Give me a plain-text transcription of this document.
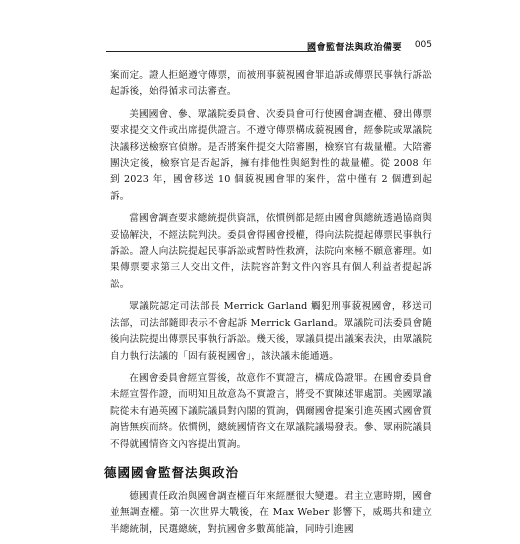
國會監督法與政治備要 005

案而定。證人拒絕遵守傳票，而被刑事藐視國會罪追訴或傳票民事執行訴訟起訴後，始得循求司法審查。

美國國會、參、眾議院委員會、次委員會可行使國會調查權、發出傳票要求提交文件或出席提供證言。不遵守傳票構成藐視國會，經參院或眾議院決議移送檢察官偵辦。是否將案件提交大陪審團，檢察官有裁量權。大陪審團決定後，檢察官是否起訴，擁有排他性與絕對性的裁量權。從 2008 年到 2023 年，國會移送 10 個藐視國會罪的案件，當中僅有 2 個遭到起訴。

當國會調查要求總統提供資訊，依慣例都是經由國會與總統透過協商與妥協解決，不經法院判決。委員會得國會授權，得向法院提起傳票民事執行訴訟。證人向法院提起民事訴訟或暫時性救濟，法院向來極不願意審理。如果傳票要求第三人交出文件，法院容許對文件內容具有個人利益者提起訴訟。

眾議院認定司法部長 Merrick Garland 觸犯刑事藐視國會，移送司法部，司法部隨即表示不會起訴 Merrick Garland。眾議院司法委員會隨後向法院提出傳票民事執行訴訟。幾天後，眾議員提出議案表決，由眾議院自力執行法議的「固有藐視國會」，該決議未能通過。

在國會委員會經宣誓後，故意作不實證言，構成偽證罪。在國會委員會未經宣誓作證，而明知且故意為不實證言，將受不實陳述罪處罰。美國眾議院從未有過英國下議院議員對內閣的質詢，偶爾國會提案引進英國式國會質詢皆無疾而終。依慣例，總統國情咨文在眾議院議場發表。參、眾兩院議員不得就國情咨文內容提出質詢。

德國國會監督法與政治

德國責任政治與國會調查權百年來經歷很大變遷。君主立憲時期，國會並無調查權。第一次世界大戰後，在 Max Weber 影響下，威瑪共和建立半總統制，民選總統，對抗國會多數萬能論，同時引進國
